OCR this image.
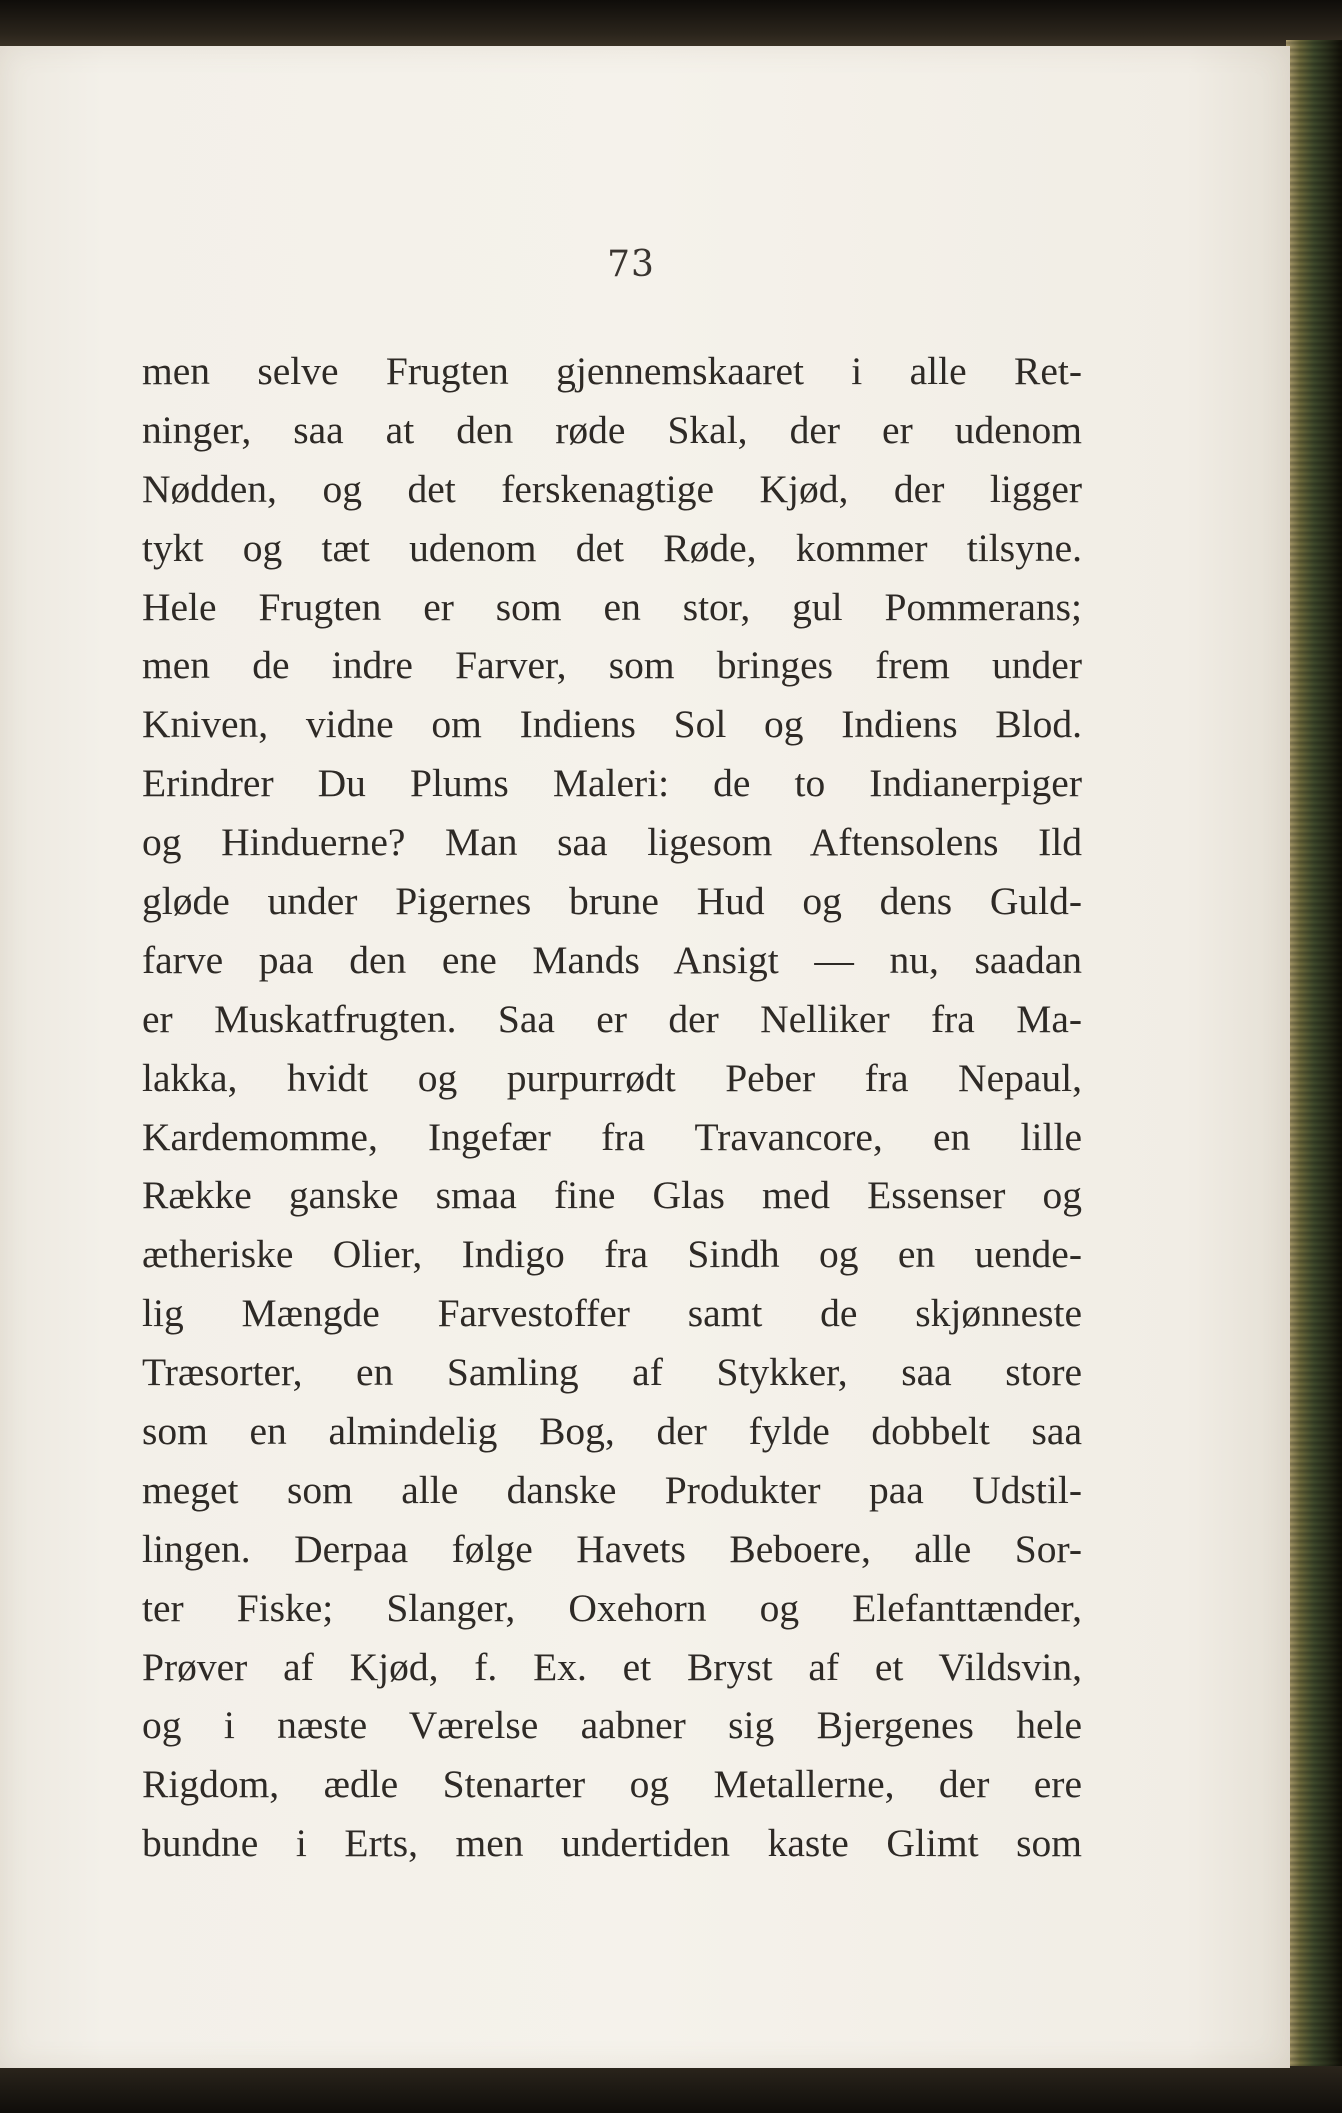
73
men selve Frugten gjennemskaaret i alle Ret-
ninger, saa at den røde Skal, der er udenom
Nødden, og det ferskenagtige Kjød, der ligger
tykt og tæt udenom det Røde, kommer tilsyne.
Hele Frugten er som en stor, gul Pommerans;
men de indre Farver, som bringes frem under
Kniven, vidne om Indiens Sol og Indiens Blod.
Erindrer Du Plums Maleri: de to Indianerpiger
og Hinduerne? Man saa ligesom Aftensolens Ild
gløde under Pigernes brune Hud og dens Guld-
farve paa den ene Mands Ansigt — nu, saadan
er Muskatfrugten. Saa er der Nelliker fra Ma-
lakka, hvidt og purpurrødt Peber fra Nepaul,
Kardemomme, Ingefær fra Travancore, en lille
Række ganske smaa fine Glas med Essenser og
ætheriske Olier, Indigo fra Sindh og en uende-
lig Mængde Farvestoffer samt de skjønneste
Træsorter, en Samling af Stykker, saa store
som en almindelig Bog, der fylde dobbelt saa
meget som alle danske Produkter paa Udstil-
lingen. Derpaa følge Havets Beboere, alle Sor-
ter Fiske; Slanger, Oxehorn og Elefanttænder,
Prøver af Kjød, f. Ex. et Bryst af et Vildsvin,
og i næste Værelse aabner sig Bjergenes hele
Rigdom, ædle Stenarter og Metallerne, der ere
bundne i Erts, men undertiden kaste Glimt som
